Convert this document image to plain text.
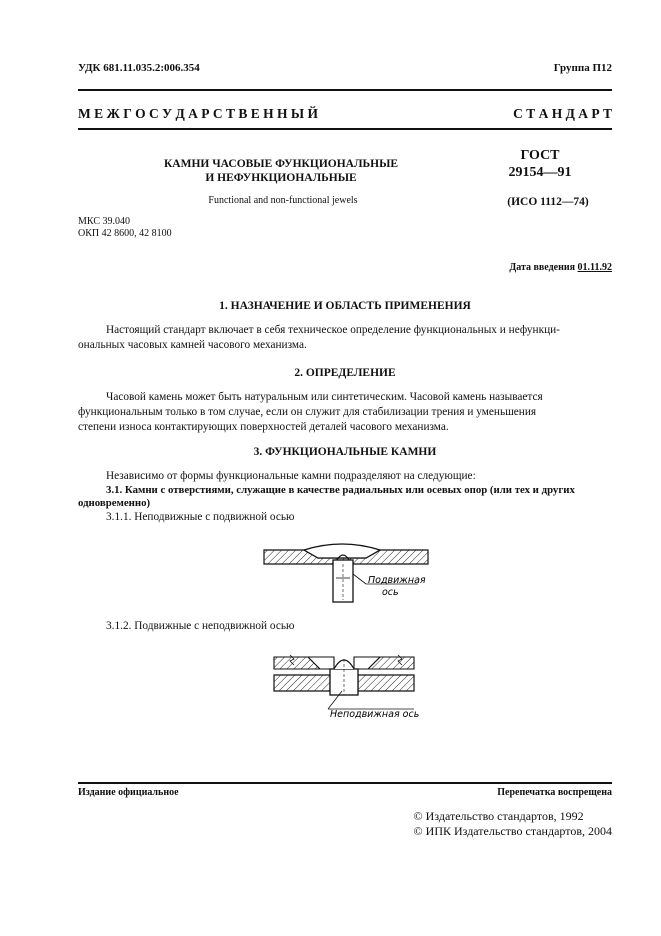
УДК 681.11.035.2:006.354	Группа П12
М Е Ж Г О С У Д А Р С Т В Е Н Н Ы Й	С Т А Н Д А Р Т
КАМНИ ЧАСОВЫЕ ФУНКЦИОНАЛЬНЫЕ
И НЕФУНКЦИОНАЛЬНЫЕ
Functional and non-functional jewels
ГОСТ
29154—91
(ИСО 1112—74)
МКС 39.040
ОКП 42 8600, 42 8100
Дата введения 01.11.92
1. НАЗНАЧЕНИЕ И ОБЛАСТЬ ПРИМЕНЕНИЯ
Настоящий стандарт включает в себя техническое определение функциональных и нефункци-
ональных часовых камней часового механизма.
2. ОПРЕДЕЛЕНИЕ
Часовой камень может быть натуральным или синтетическим. Часовой камень называется
функциональным только в том случае, если он служит для стабилизации трения и уменьшения
степени износа контактирующих поверхностей деталей часового механизма.
3. ФУНКЦИОНАЛЬНЫЕ КАМНИ
Независимо от формы функциональные камни подразделяют на следующие:
3.1. Камни с отверстиями, служащие в качестве радиальных или осевых опор (или тех и других
одновременно)
3.1.1. Неподвижные с подвижной осью
Подвижная
ось
3.1.2. Подвижные с неподвижной осью
Неподвижная ось
Издание официальное	Перепечатка воспрещена
© Издательство стандартов, 1992
© ИПК Издательство стандартов, 2004
